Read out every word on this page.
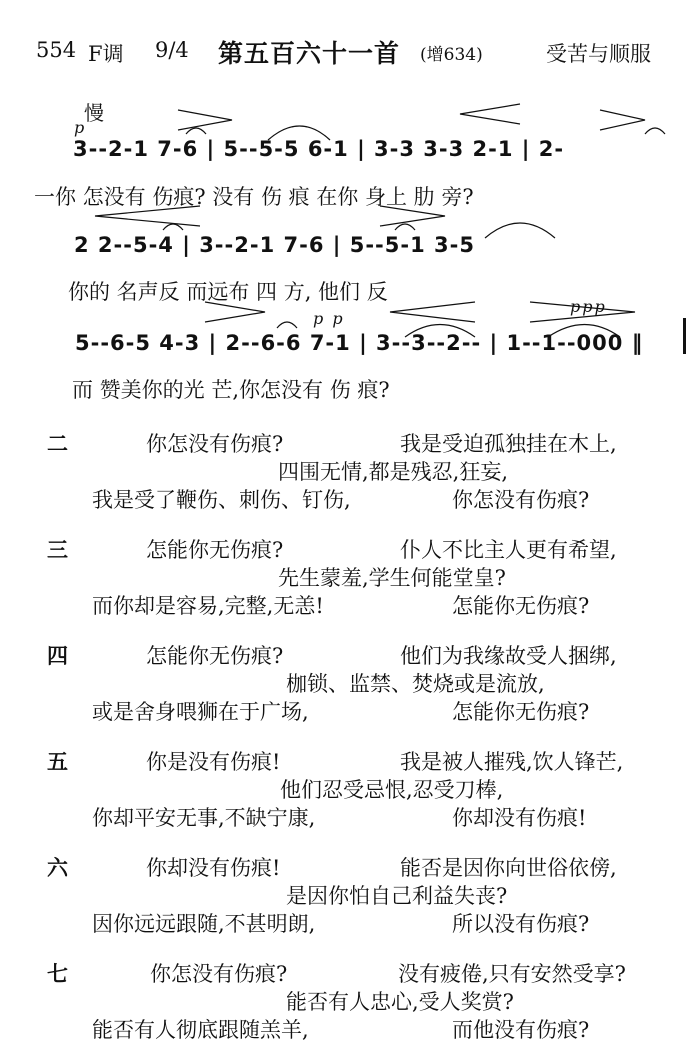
554 F调 9/4 第五百六十一首 (增634)	受苦与顺服
慢
p
p p
ppp
3--2-1 7-6 | 5--5-5 6-1 | 3-3 3-3 2-1 | 2-
一你 怎没有 伤痕? 没有 伤 痕 在你 身上 肋 旁?
2 2--5-4 | 3--2-1 7-6 | 5--5-1 3-5
你的 名声反 而远布 四 方, 他们 反
5--6-5 4-3 | 2--6-6 7-1 | 3--3--2-- | 1--1--000 ‖
而 赞美你的光 芒,你怎没有 伤 痕?
二	你怎没有伤痕?	我是受迫孤独挂在木上,
四围无情,都是残忍,狂妄,
我是受了鞭伤、刺伤、钉伤,	你怎没有伤痕?
三	怎能你无伤痕?	仆人不比主人更有希望,
先生蒙羞,学生何能堂皇?
而你却是容易,完整,无恙!	怎能你无伤痕?
四	怎能你无伤痕?	他们为我缘故受人捆绑,
枷锁、监禁、焚烧或是流放,
或是舍身喂狮在于广场,	怎能你无伤痕?
五	你是没有伤痕!	我是被人摧残,饮人锋芒,
他们忍受忌恨,忍受刀棒,
你却平安无事,不缺宁康,	你却没有伤痕!
六	你却没有伤痕!	能否是因你向世俗依傍,
是因你怕自己利益失丧?
因你远远跟随,不甚明朗,	所以没有伤痕?
七	你怎没有伤痕?	没有疲倦,只有安然受享?
能否有人忠心,受人奖赏?
能否有人彻底跟随羔羊,	而他没有伤痕?
